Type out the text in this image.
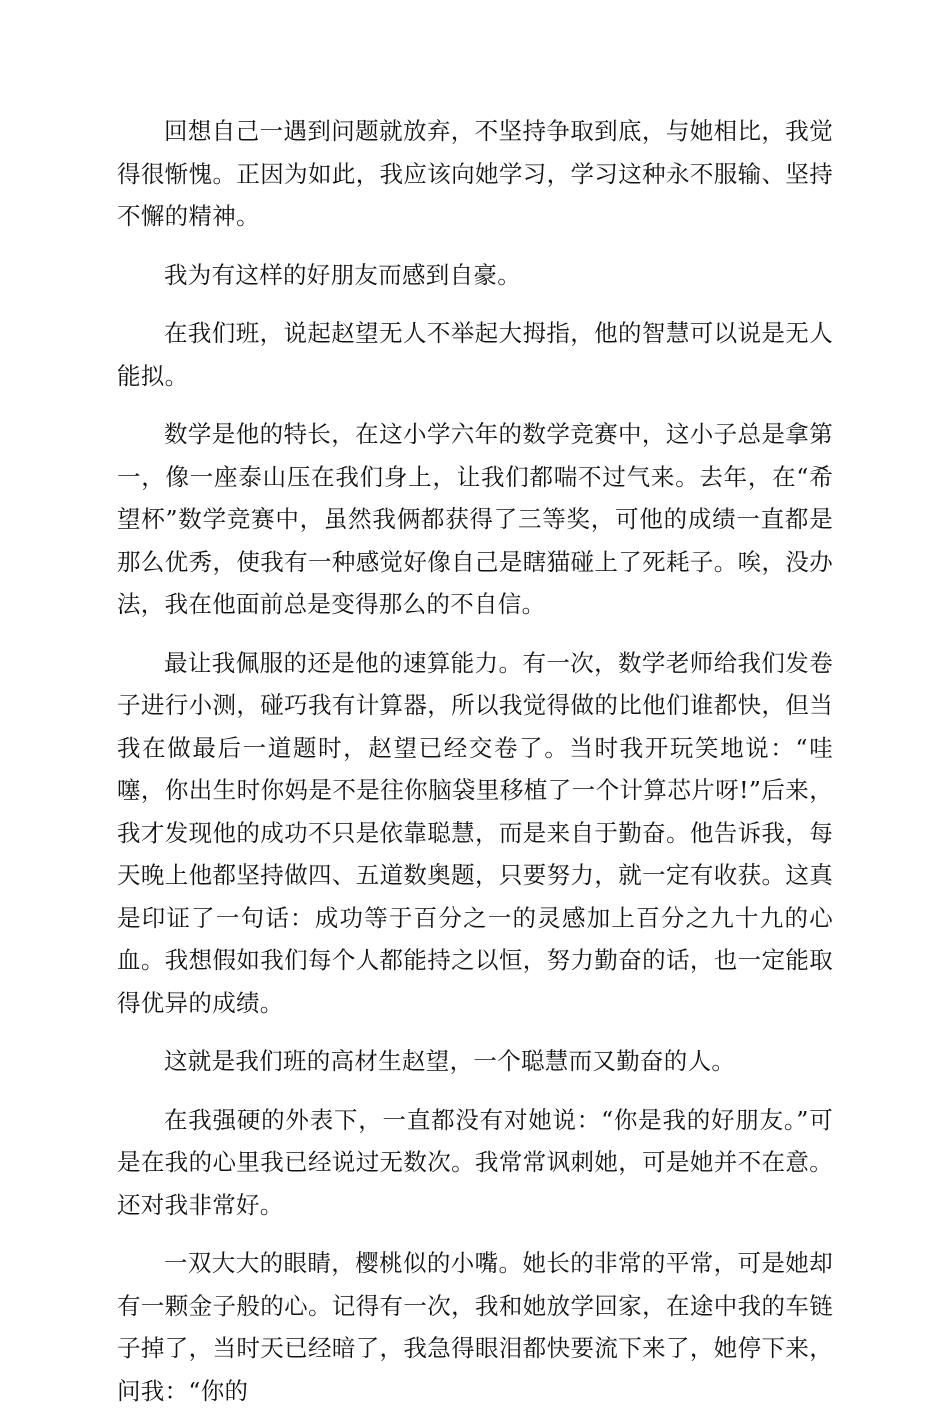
回想自己一遇到问题就放弃，不坚持争取到底，与她相比，我觉得很惭愧。正因为如此，我应该向她学习，学习这种永不服输、坚持不懈的精神。

我为有这样的好朋友而感到自豪。

在我们班，说起赵望无人不举起大拇指，他的智慧可以说是无人能拟。

数学是他的特长，在这小学六年的数学竞赛中，这小子总是拿第一，像一座泰山压在我们身上，让我们都喘不过气来。去年，在“希望杯”数学竞赛中，虽然我俩都获得了三等奖，可他的成绩一直都是那么优秀，使我有一种感觉好像自己是瞎猫碰上了死耗子。唉，没办法，我在他面前总是变得那么的不自信。

最让我佩服的还是他的速算能力。有一次，数学老师给我们发卷子进行小测，碰巧我有计算器，所以我觉得做的比他们谁都快，但当我在做最后一道题时，赵望已经交卷了。当时我开玩笑地说：“哇噻，你出生时你妈是不是往你脑袋里移植了一个计算芯片呀!”后来，我才发现他的成功不只是依靠聪慧，而是来自于勤奋。他告诉我，每天晚上他都坚持做四、五道数奥题，只要努力，就一定有收获。这真是印证了一句话：成功等于百分之一的灵感加上百分之九十九的心血。我想假如我们每个人都能持之以恒，努力勤奋的话，也一定能取得优异的成绩。

这就是我们班的高材生赵望，一个聪慧而又勤奋的人。

在我强硬的外表下，一直都没有对她说：“你是我的好朋友。”可是在我的心里我已经说过无数次。我常常讽刺她，可是她并不在意。还对我非常好。

一双大大的眼睛，樱桃似的小嘴。她长的非常的平常，可是她却有一颗金子般的心。记得有一次，我和她放学回家，在途中我的车链子掉了，当时天已经暗了，我急得眼泪都快要流下来了，她停下来，问我：“你的
